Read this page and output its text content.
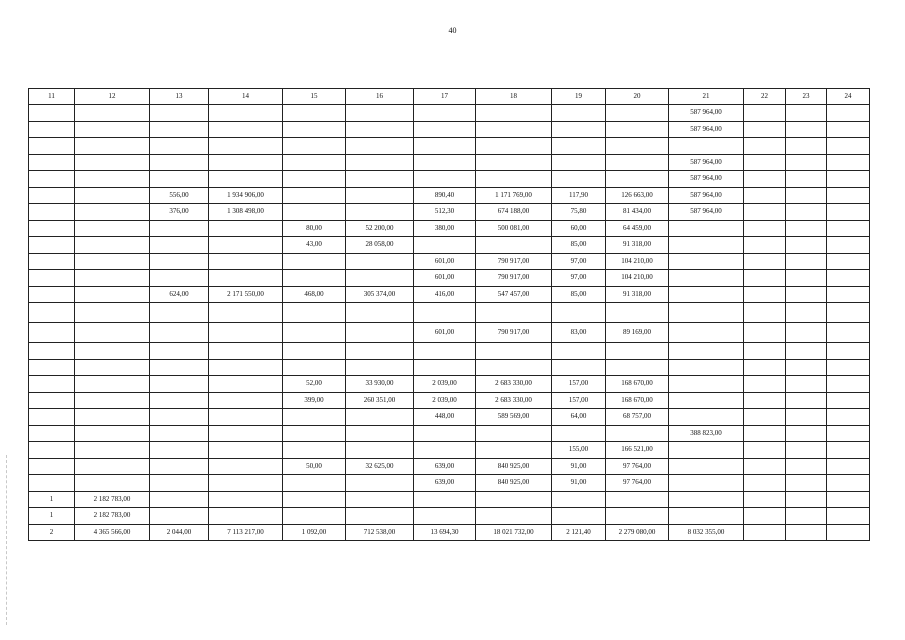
40
11	12	13	14	15	16	17	18	19	20	21	22	23	24
										587 964,00			
										587 964,00			

										587 964,00			
										587 964,00			
		556,00	1 934 906,00			890,40	1 171 769,00	117,90	126 663,00	587 964,00			
		376,00	1 308 498,00			512,30	674 188,00	75,80	81 434,00	587 964,00			
				80,00	52 200,00	380,00	500 081,00	60,00	64 459,00				
				43,00	28 058,00			85,00	91 318,00				
						601,00	790 917,00	97,00	104 210,00				
						601,00	790 917,00	97,00	104 210,00				
		624,00	2 171 550,00	468,00	305 374,00	416,00	547 457,00	85,00	91 318,00				

						601,00	790 917,00	83,00	89 169,00				

				52,00	33 930,00	2 039,00	2 683 330,00	157,00	168 670,00				
				399,00	260 351,00	2 039,00	2 683 330,00	157,00	168 670,00				
						448,00	589 569,00	64,00	68 757,00				
										388 823,00			
								155,00	166 521,00				
				50,00	32 625,00	639,00	840 925,00	91,00	97 764,00				
						639,00	840 925,00	91,00	97 764,00				
1	2 182 783,00												
1	2 182 783,00												
2	4 365 566,00	2 044,00	7 113 217,00	1 092,00	712 538,00	13 694,30	18 021 732,00	2 121,40	2 279 080,00	8 032 355,00			
